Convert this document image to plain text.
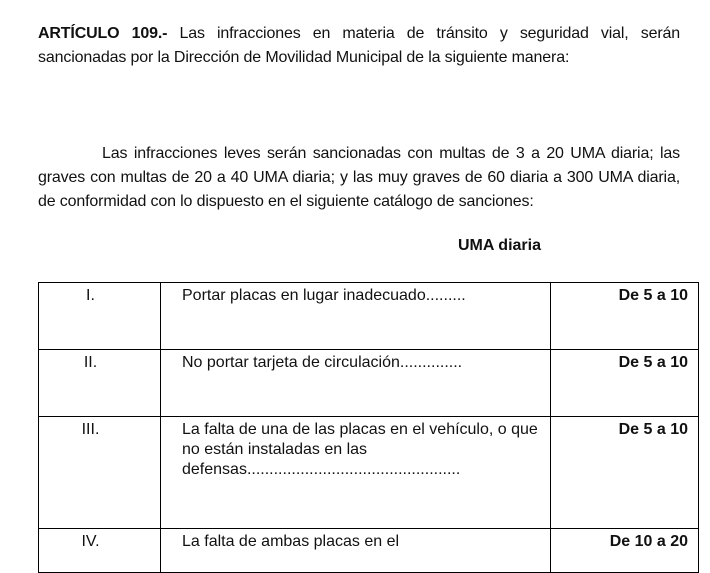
ARTÍCULO 109.- Las infracciones en materia de tránsito y seguridad vial, serán sancionadas por la Dirección de Movilidad Municipal de la siguiente manera:

Las infracciones leves serán sancionadas con multas de 3 a 20 UMA diaria; las graves con multas de 20 a 40 UMA diaria; y las muy graves de 60 diaria a 300 UMA diaria, de conformidad con lo dispuesto en el siguiente catálogo de sanciones:

UMA diaria
I.	Portar placas en lugar inadecuado.........	De 5 a 10
II.	No portar tarjeta de circulación..............	De 5 a 10
III.	La falta de una de las placas en el vehículo, o que no están instaladas en las defensas................................................	De 5 a 10
IV.	La falta de ambas placas en el	De 10 a 20
